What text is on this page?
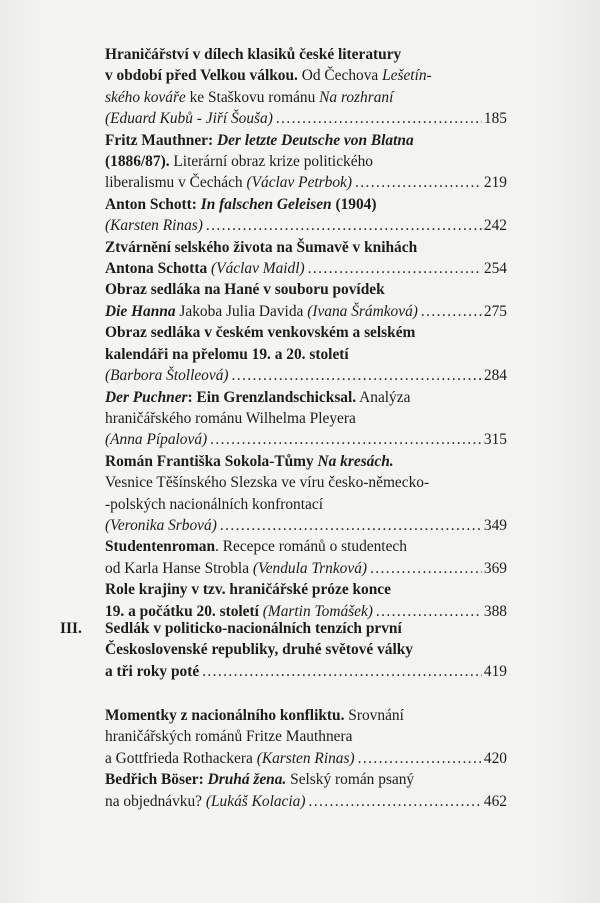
Hraničářství v dílech klasiků české literatury
v období před Velkou válkou. Od Čechova Lešetín-
ského kováře ke Staškovu románu Na rozhraní
(Eduard Kubů - Jiří Šouša) .....	185
Fritz Mauthner: Der letzte Deutsche von Blatna
(1886/87). Literární obraz krize politického
liberalismu v Čechách (Václav Petrbok) .....	219
Anton Schott: In falschen Geleisen (1904)
(Karsten Rinas) .....	242
Ztvárnění selského života na Šumavě v knihách
Antona Schotta (Václav Maidl) .....	254
Obraz sedláka na Hané v souboru povídek
Die Hanna Jakoba Julia Davida (Ivana Šrámková) .....	275
Obraz sedláka v českém venkovském a selském
kalendáři na přelomu 19. a 20. století
(Barbora Štolleová) .....	284
Der Puchner: Ein Grenzlandschicksal. Analýza
hraničářského románu Wilhelma Pleyera
(Anna Pípalová) .....	315
Román Františka Sokola-Tůmy Na kresách.
Vesnice Těšínského Slezska ve víru česko-německo-
-polských nacionálních konfrontací
(Veronika Srbová) .....	349
Studentenroman. Recepce románů o studentech
od Karla Hanse Strobla (Vendula Trnková) .....	369
Role krajiny v tzv. hraničářské próze konce
19. a počátku 20. století (Martin Tomášek) .....	388
III. Sedlák v politicko-nacionálních tenzích první
Československé republiky, druhé světové války
a tři roky poté .....	419
Momentky z nacionálního konfliktu. Srovnání
hraničářských románů Fritze Mauthnera
a Gottfrieda Rothackera (Karsten Rinas) .....	420
Bedřich Böser: Druhá žena. Selský román psaný
na objednávku? (Lukáš Kolacia) .....	462
